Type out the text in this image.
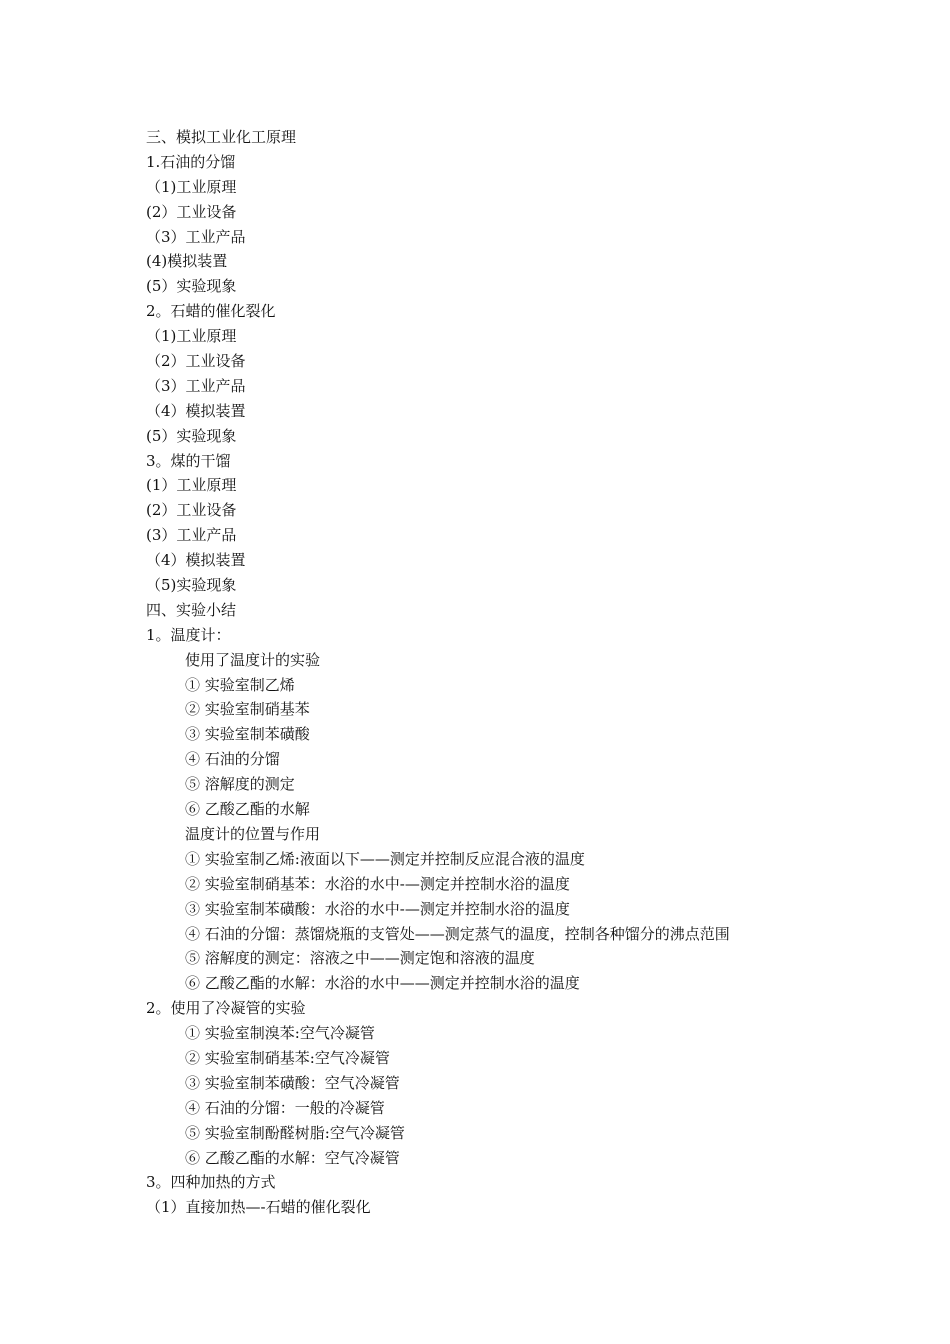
三、模拟工业化工原理
1.石油的分馏
（1)工业原理
(2）工业设备
（3）工业产品
(4)模拟装置
(5）实验现象
2。石蜡的催化裂化
（1)工业原理
（2）工业设备
（3）工业产品
（4）模拟装置
(5）实验现象
3。煤的干馏
(1）工业原理
(2）工业设备
(3）工业产品
（4）模拟装置
（5)实验现象
四、实验小结
1。温度计：
使用了温度计的实验
① 实验室制乙烯
② 实验室制硝基苯
③ 实验室制苯磺酸
④ 石油的分馏
⑤ 溶解度的测定
⑥ 乙酸乙酯的水解
温度计的位置与作用
① 实验室制乙烯:液面以下——测定并控制反应混合液的温度
② 实验室制硝基苯：水浴的水中-—测定并控制水浴的温度
③ 实验室制苯磺酸：水浴的水中-—测定并控制水浴的温度
④ 石油的分馏：蒸馏烧瓶的支管处——测定蒸气的温度，控制各种馏分的沸点范围
⑤ 溶解度的测定：溶液之中——测定饱和溶液的温度
⑥ 乙酸乙酯的水解：水浴的水中——测定并控制水浴的温度
2。使用了冷凝管的实验
① 实验室制溴苯:空气冷凝管
② 实验室制硝基苯:空气冷凝管
③ 实验室制苯磺酸：空气冷凝管
④ 石油的分馏：一般的冷凝管
⑤ 实验室制酚醛树脂:空气冷凝管
⑥ 乙酸乙酯的水解：空气冷凝管
3。四种加热的方式
（1）直接加热—-石蜡的催化裂化
